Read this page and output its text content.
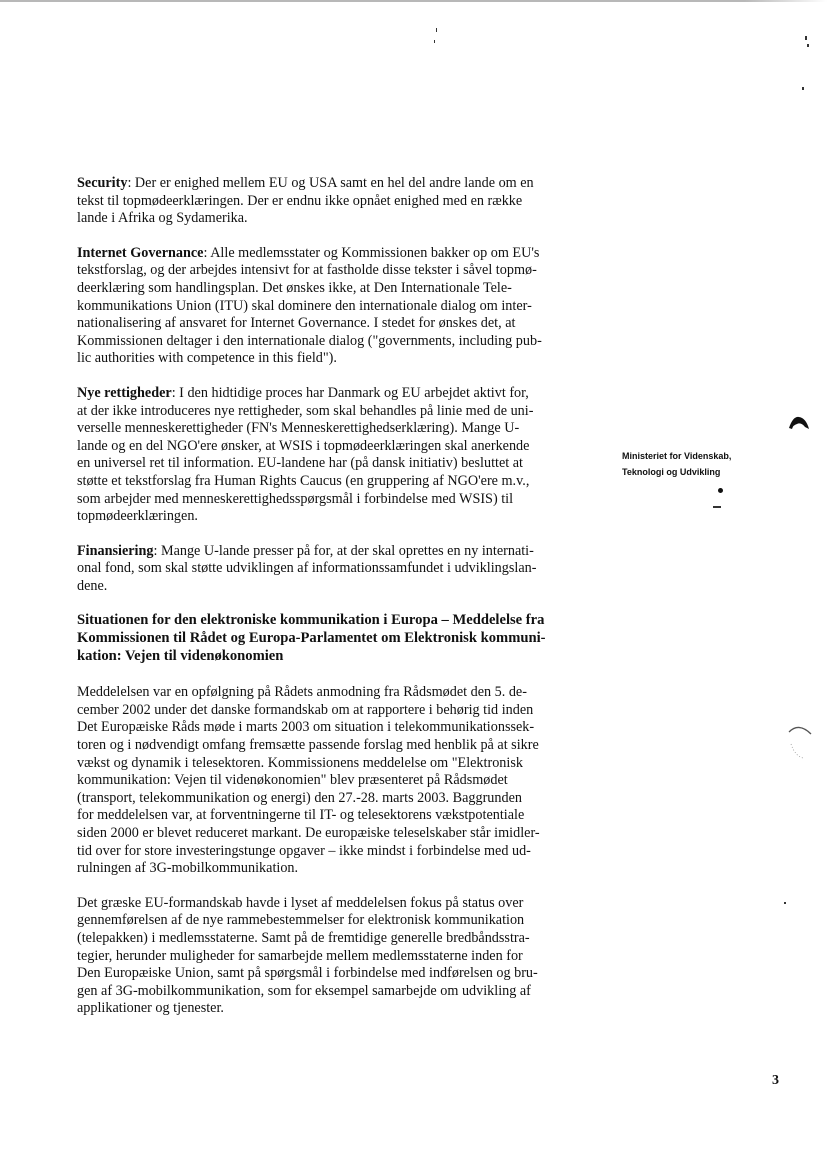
Security: Der er enighed mellem EU og USA samt en hel del andre lande om en
tekst til topmødeerklæringen. Der er endnu ikke opnået enighed med en række
lande i Afrika og Sydamerika.

Internet Governance: Alle medlemsstater og Kommissionen bakker op om EU's
tekstforslag, og der arbejdes intensivt for at fastholde disse tekster i såvel topmø-
deerklæring som handlingsplan. Det ønskes ikke, at Den Internationale Tele-
kommunikations Union (ITU) skal dominere den internationale dialog om inter-
nationalisering af ansvaret for Internet Governance. I stedet for ønskes det, at
Kommissionen deltager i den internationale dialog ("governments, including pub-
lic authorities with competence in this field").

Nye rettigheder: I den hidtidige proces har Danmark og EU arbejdet aktivt for,
at der ikke introduceres nye rettigheder, som skal behandles på linie med de uni-
verselle menneskerettigheder (FN's Menneskerettighedserklæring). Mange U-
lande og en del NGO'ere ønsker, at WSIS i topmødeerklæringen skal anerkende
en universel ret til information. EU-landene har (på dansk initiativ) besluttet at
støtte et tekstforslag fra Human Rights Caucus (en gruppering af NGO'ere m.v.,
som arbejder med menneskerettighedsspørgsmål i forbindelse med WSIS) til
topmødeerklæringen.

Finansiering: Mange U-lande presser på for, at der skal oprettes en ny internati-
onal fond, som skal støtte udviklingen af informationssamfundet i udviklingslan-
dene.

Situationen for den elektroniske kommunikation i Europa – Meddelelse fra
Kommissionen til Rådet og Europa-Parlamentet om Elektronisk kommuni-
kation: Vejen til videnøkonomien

Meddelelsen var en opfølgning på Rådets anmodning fra Rådsmødet den 5. de-
cember 2002 under det danske formandskab om at rapportere i behørig tid inden
Det Europæiske Råds møde i marts 2003 om situation i telekommunikationssek-
toren og i nødvendigt omfang fremsætte passende forslag med henblik på at sikre
vækst og dynamik i telesektoren. Kommissionens meddelelse om "Elektronisk
kommunikation: Vejen til videnøkonomien" blev præsenteret på Rådsmødet
(transport, telekommunikation og energi) den 27.-28. marts 2003. Baggrunden
for meddelelsen var, at forventningerne til IT- og telesektorens vækstpotentiale
siden 2000 er blevet reduceret markant. De europæiske teleselskaber står imidler-
tid over for store investeringstunge opgaver – ikke mindst i forbindelse med ud-
rulningen af 3G-mobilkommunikation.

Det græske EU-formandskab havde i lyset af meddelelsen fokus på status over
gennemførelsen af de nye rammebestemmelser for elektronisk kommunikation
(telepakken) i medlemsstaterne. Samt på de fremtidige generelle bredbåndsstra-
tegier, herunder muligheder for samarbejde mellem medlemsstaterne inden for
Den Europæiske Union, samt på spørgsmål i forbindelse med indførelsen og bru-
gen af 3G-mobilkommunikation, som for eksempel samarbejde om udvikling af
applikationer og tjenester.

Ministeriet for Videnskab,
Teknologi og Udvikling
3
